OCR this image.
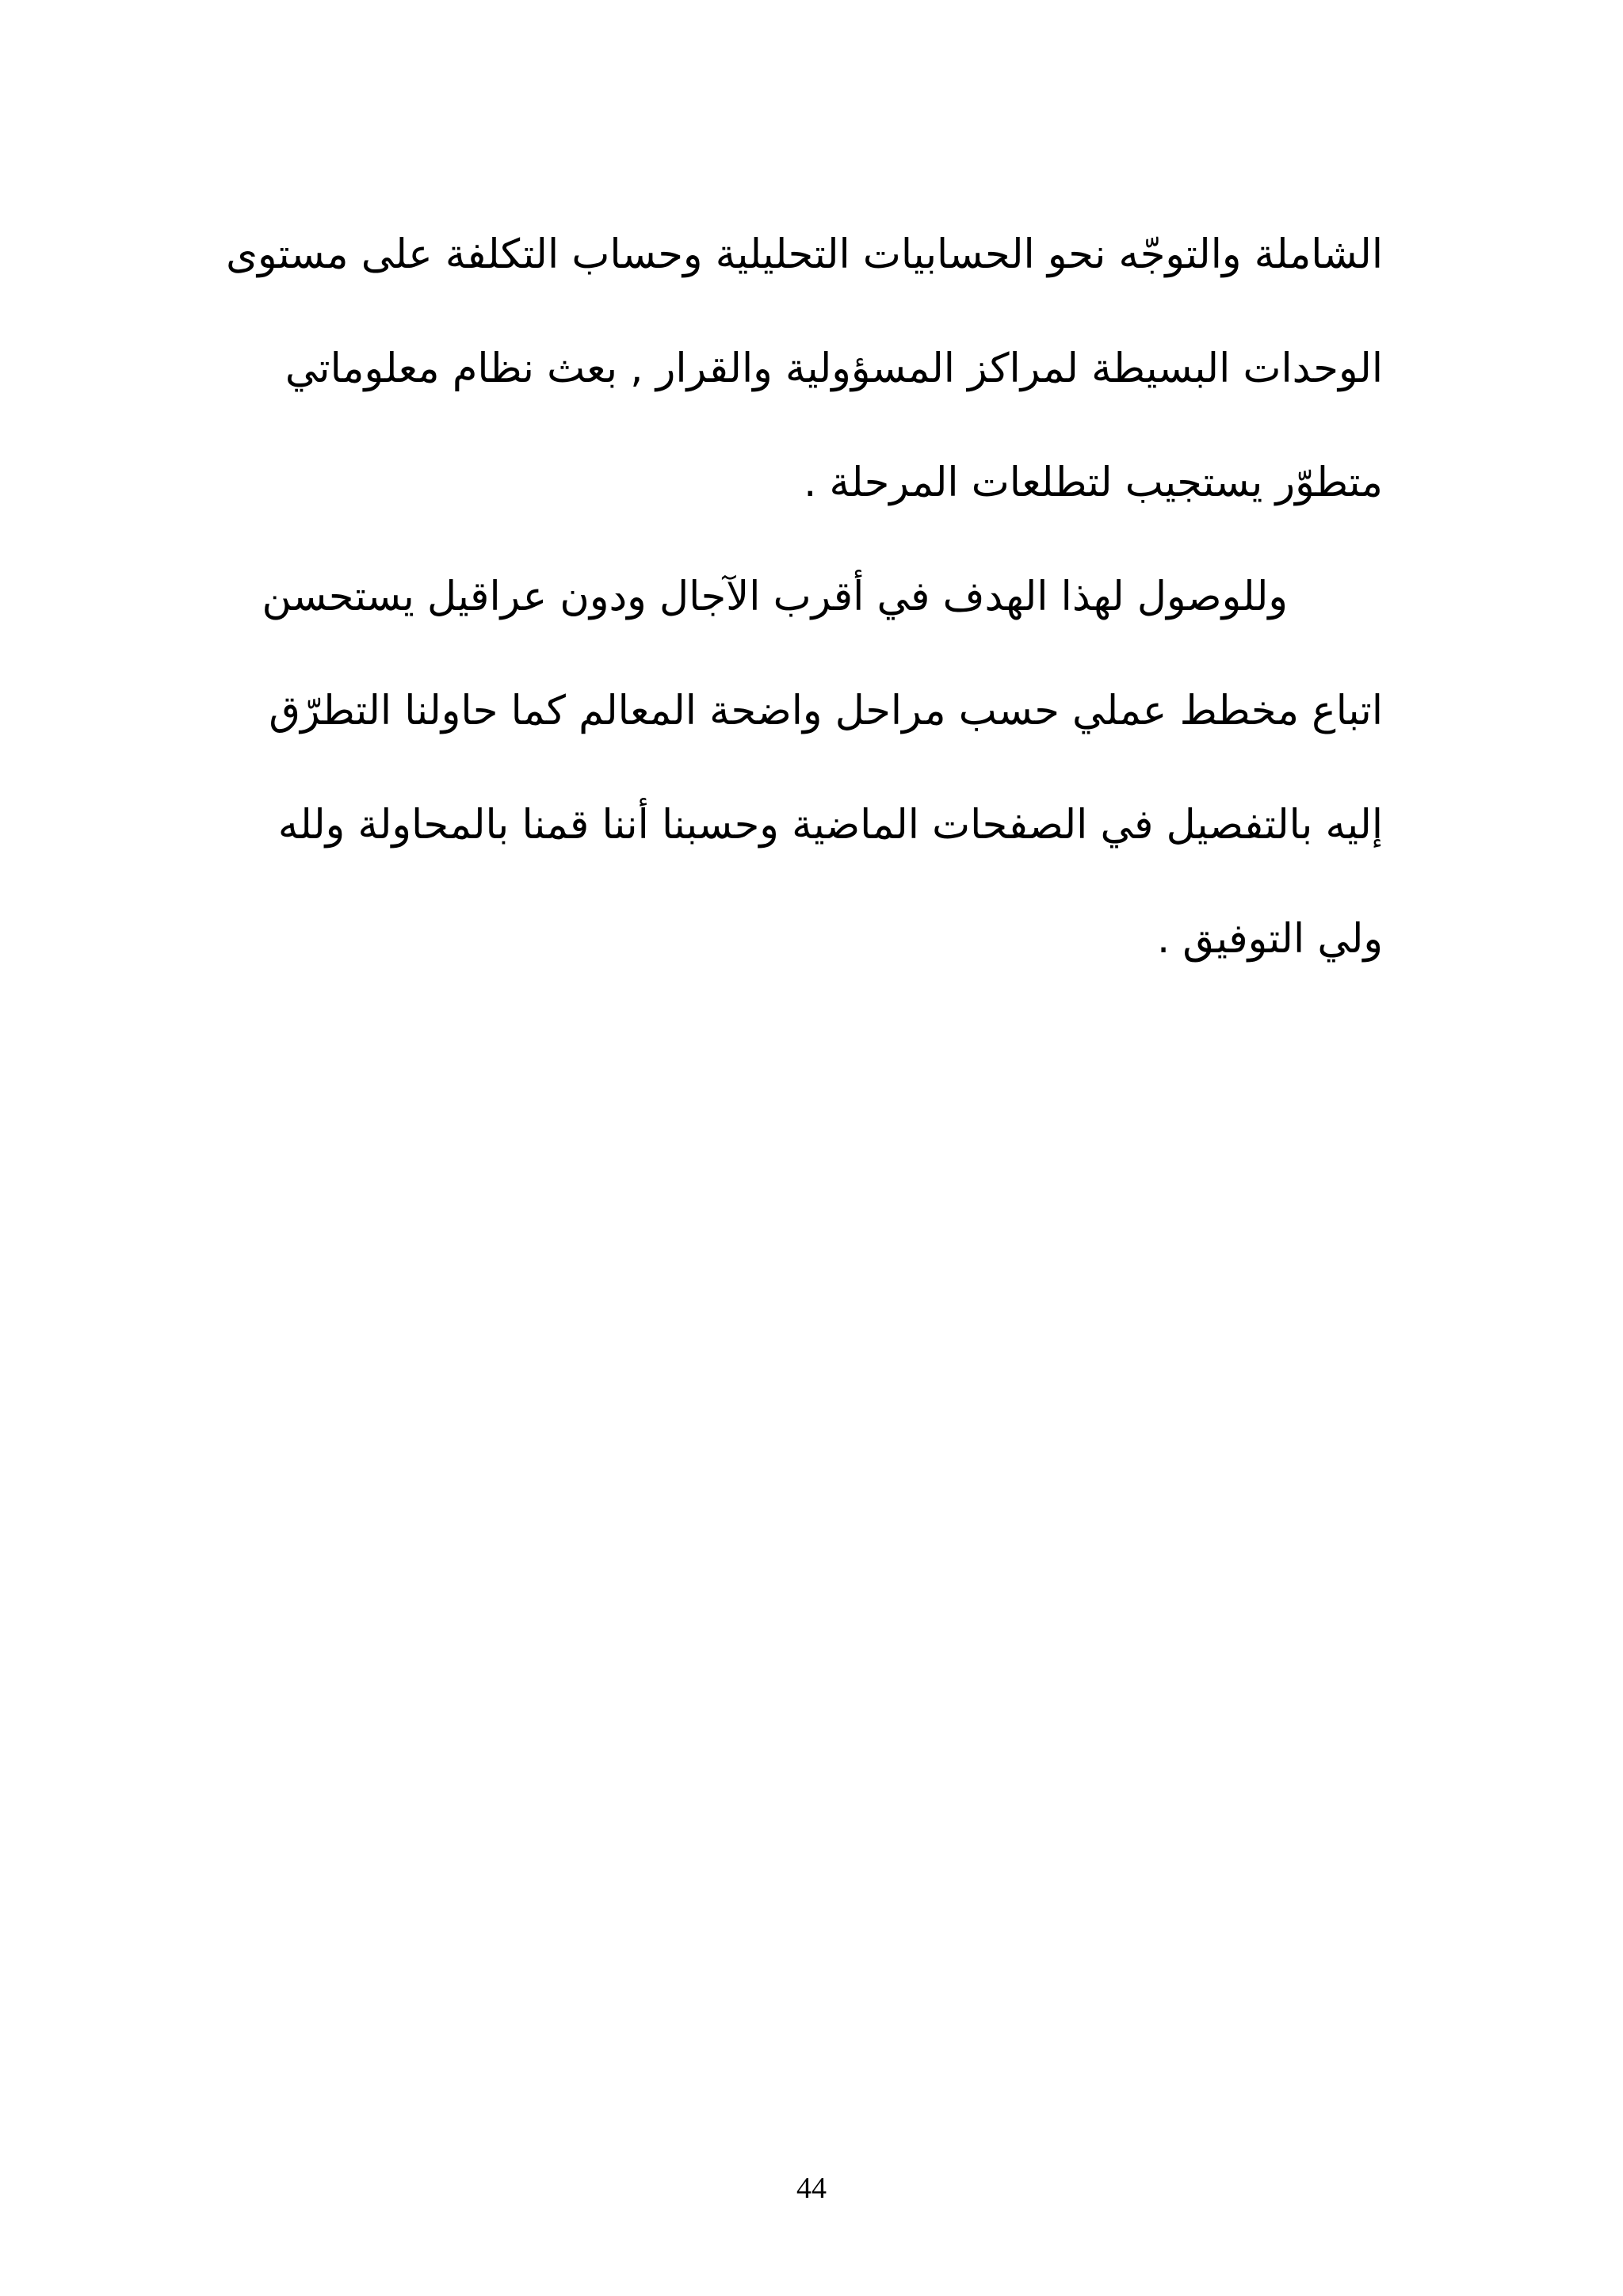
الشاملة والتوجّه نحو الحسابيات التحليلية وحساب التكلفة على مستوى
الوحدات البسيطة لمراكز المسؤولية والقرار , بعث نظام معلوماتي
متطوّر يستجيب لتطلعات المرحلة .
وللوصول لهذا الهدف في أقرب الآجال ودون عراقيل يستحسن
اتباع مخطط عملي حسب مراحل واضحة المعالم كما حاولنا التطرّق
إليه بالتفصيل في الصفحات الماضية وحسبنا أننا قمنا بالمحاولة ولله
ولي التوفيق .
44
